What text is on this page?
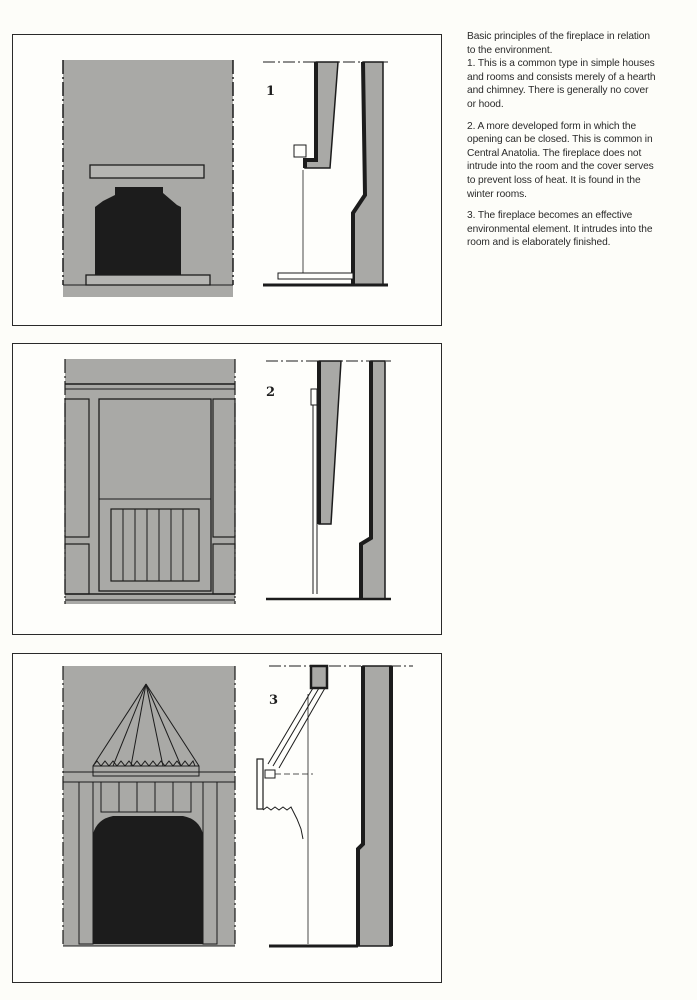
1
2
3

Basic principles of the fireplace in relation to the environment.

1. This is a common type in simple houses and rooms and consists merely of a hearth and chimney. There is generally no cover or hood.

2. A more developed form in which the opening can be closed. This is common in Central Anatolia. The fireplace does not intrude into the room and the cover serves to prevent loss of heat. It is found in the winter rooms.

3. The fireplace becomes an effective environmental element. It intrudes into the room and is elaborately finished.
